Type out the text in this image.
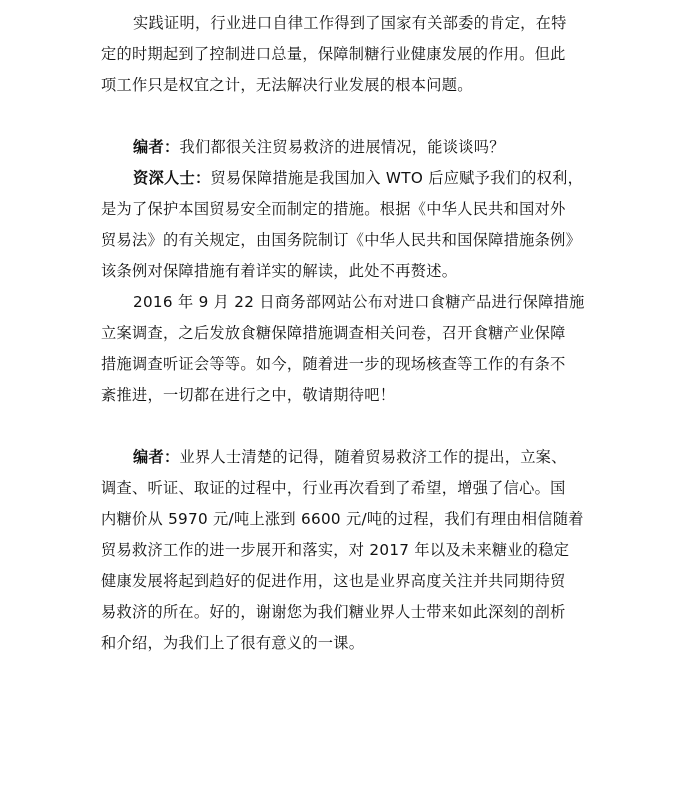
实践证明，行业进口自律工作得到了国家有关部委的肯定，在特
定的时期起到了控制进口总量，保障制糖行业健康发展的作用。但此
项工作只是权宜之计，无法解决行业发展的根本问题。
编者：我们都很关注贸易救济的进展情况，能谈谈吗？
资深人士：贸易保障措施是我国加入 WTO 后应赋予我们的权利，
是为了保护本国贸易安全而制定的措施。根据《中华人民共和国对外
贸易法》的有关规定，由国务院制订《中华人民共和国保障措施条例》
该条例对保障措施有着详实的解读，此处不再赘述。
2016 年 9 月 22 日商务部网站公布对进口食糖产品进行保障措施
立案调查，之后发放食糖保障措施调查相关问卷，召开食糖产业保障
措施调查听证会等等。如今，随着进一步的现场核查等工作的有条不
紊推进，一切都在进行之中，敬请期待吧！
编者：业界人士清楚的记得，随着贸易救济工作的提出，立案、
调查、听证、取证的过程中，行业再次看到了希望，增强了信心。国
内糖价从 5970 元/吨上涨到 6600 元/吨的过程，我们有理由相信随着
贸易救济工作的进一步展开和落实，对 2017 年以及未来糖业的稳定
健康发展将起到趋好的促进作用，这也是业界高度关注并共同期待贸
易救济的所在。好的，谢谢您为我们糖业界人士带来如此深刻的剖析
和介绍，为我们上了很有意义的一课。
